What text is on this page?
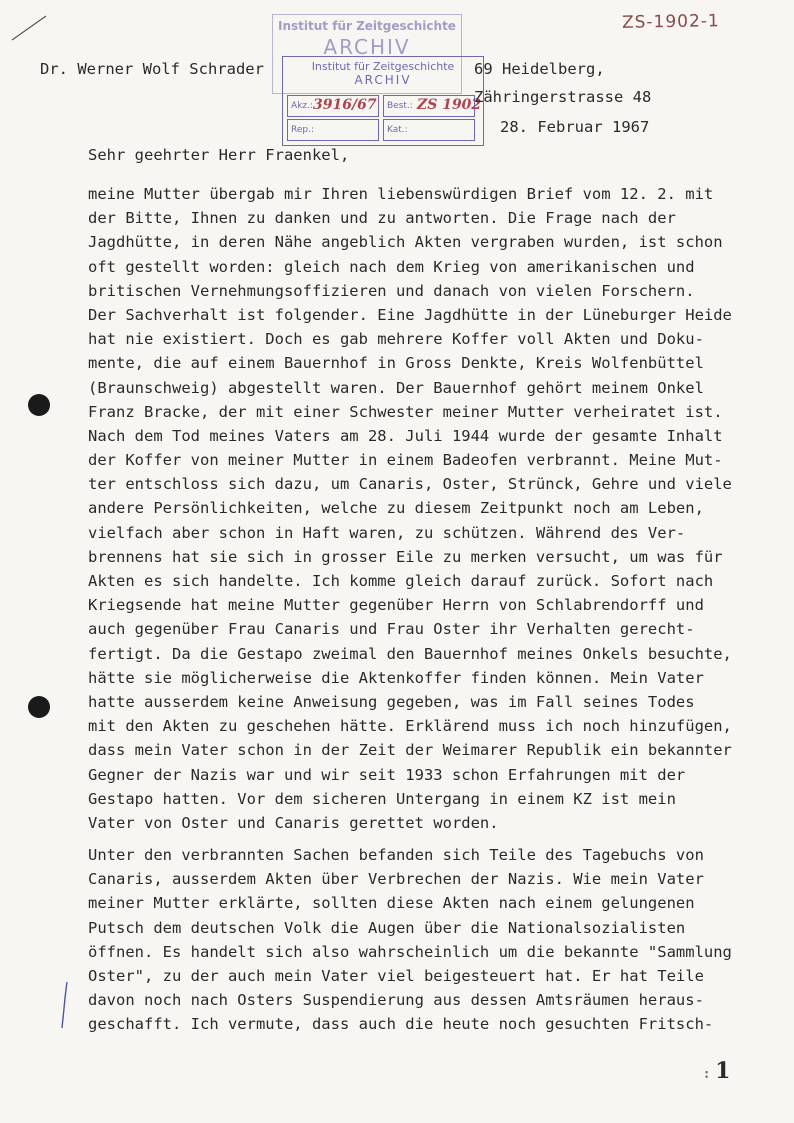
ZS-1902-1
Institut für Zeitgeschichte
ARCHIV
Institut für Zeitgeschichte
ARCHIV
Akz.: 3916/67	Best.: ZS 1902
Rep.:	Kat.:
Dr. Werner Wolf Schrader	69 Heidelberg,
Zähringerstrasse 48
28. Februar 1967
Sehr geehrter Herr Fraenkel,
meine Mutter übergab mir Ihren liebenswürdigen Brief vom 12. 2. mit
der Bitte, Ihnen zu danken und zu antworten. Die Frage nach der
Jagdhütte, in deren Nähe angeblich Akten vergraben wurden, ist schon
oft gestellt worden: gleich nach dem Krieg von amerikanischen und
britischen Vernehmungsoffizieren und danach von vielen Forschern.
Der Sachverhalt ist folgender. Eine Jagdhütte in der Lüneburger Heide
hat nie existiert. Doch es gab mehrere Koffer voll Akten und Doku-
mente, die auf einem Bauernhof in Gross Denkte, Kreis Wolfenbüttel
(Braunschweig) abgestellt waren. Der Bauernhof gehört meinem Onkel
Franz Bracke, der mit einer Schwester meiner Mutter verheiratet ist.
Nach dem Tod meines Vaters am 28. Juli 1944 wurde der gesamte Inhalt
der Koffer von meiner Mutter in einem Badeofen verbrannt. Meine Mut-
ter entschloss sich dazu, um Canaris, Oster, Strünck, Gehre und viele
andere Persönlichkeiten, welche zu diesem Zeitpunkt noch am Leben,
vielfach aber schon in Haft waren, zu schützen. Während des Ver-
brennens hat sie sich in grosser Eile zu merken versucht, um was für
Akten es sich handelte. Ich komme gleich darauf zurück. Sofort nach
Kriegsende hat meine Mutter gegenüber Herrn von Schlabrendorff und
auch gegenüber Frau Canaris und Frau Oster ihr Verhalten gerecht-
fertigt. Da die Gestapo zweimal den Bauernhof meines Onkels besuchte,
hätte sie möglicherweise die Aktenkoffer finden können. Mein Vater
hatte ausserdem keine Anweisung gegeben, was im Fall seines Todes
mit den Akten zu geschehen hätte. Erklärend muss ich noch hinzufügen,
dass mein Vater schon in der Zeit der Weimarer Republik ein bekannter
Gegner der Nazis war und wir seit 1933 schon Erfahrungen mit der
Gestapo hatten. Vor dem sicheren Untergang in einem KZ ist mein
Vater von Oster und Canaris gerettet worden.
Unter den verbrannten Sachen befanden sich Teile des Tagebuchs von
Canaris, ausserdem Akten über Verbrechen der Nazis. Wie mein Vater
meiner Mutter erklärte, sollten diese Akten nach einem gelungenen
Putsch dem deutschen Volk die Augen über die Nationalsozialisten
öffnen. Es handelt sich also wahrscheinlich um die bekannte "Sammlung
Oster", zu der auch mein Vater viel beigesteuert hat. Er hat Teile
davon noch nach Osters Suspendierung aus dessen Amtsräumen heraus-
geschafft. Ich vermute, dass auch die heute noch gesuchten Fritsch-
: 1
